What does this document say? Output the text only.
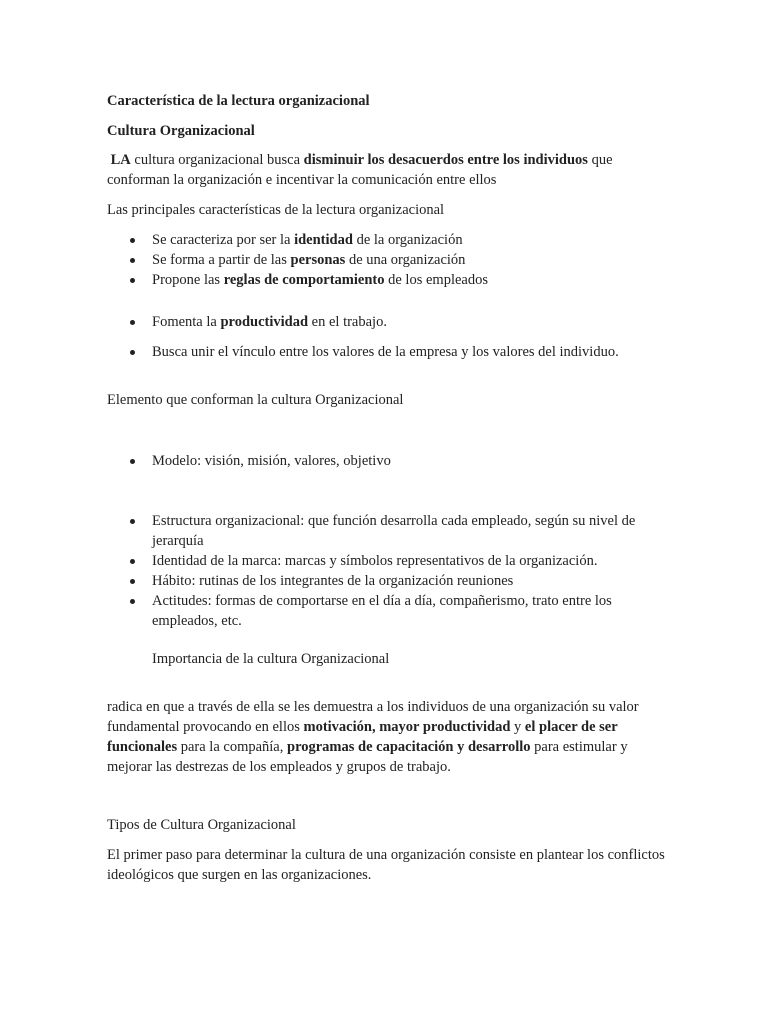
Característica de la lectura organizacional

Cultura Organizacional

LA cultura organizacional busca disminuir los desacuerdos entre los individuos que conforman la organización e incentivar la comunicación entre ellos

Las principales características de la lectura organizacional

Se caracteriza por ser la identidad de la organización
Se forma a partir de las personas de una organización
Propone las reglas de comportamiento de los empleados
Fomenta la productividad en el trabajo.
Busca unir el vínculo entre los valores de la empresa y los valores del individuo.

Elemento que conforman la cultura Organizacional

Modelo: visión, misión, valores, objetivo
Estructura organizacional: que función desarrolla cada empleado, según su nivel de jerarquía
Identidad de la marca: marcas y símbolos representativos de la organización.
Hábito: rutinas de los integrantes de la organización reuniones
Actitudes: formas de comportarse en el día a día, compañerismo, trato entre los empleados, etc.

Importancia de la cultura Organizacional

radica en que a través de ella se les demuestra a los individuos de una organización su valor fundamental provocando en ellos motivación, mayor productividad y el placer de ser funcionales para la compañía, programas de capacitación y desarrollo para estimular y mejorar las destrezas de los empleados y grupos de trabajo.

Tipos de Cultura Organizacional

El primer paso para determinar la cultura de una organización consiste en plantear los conflictos ideológicos que surgen en las organizaciones.
